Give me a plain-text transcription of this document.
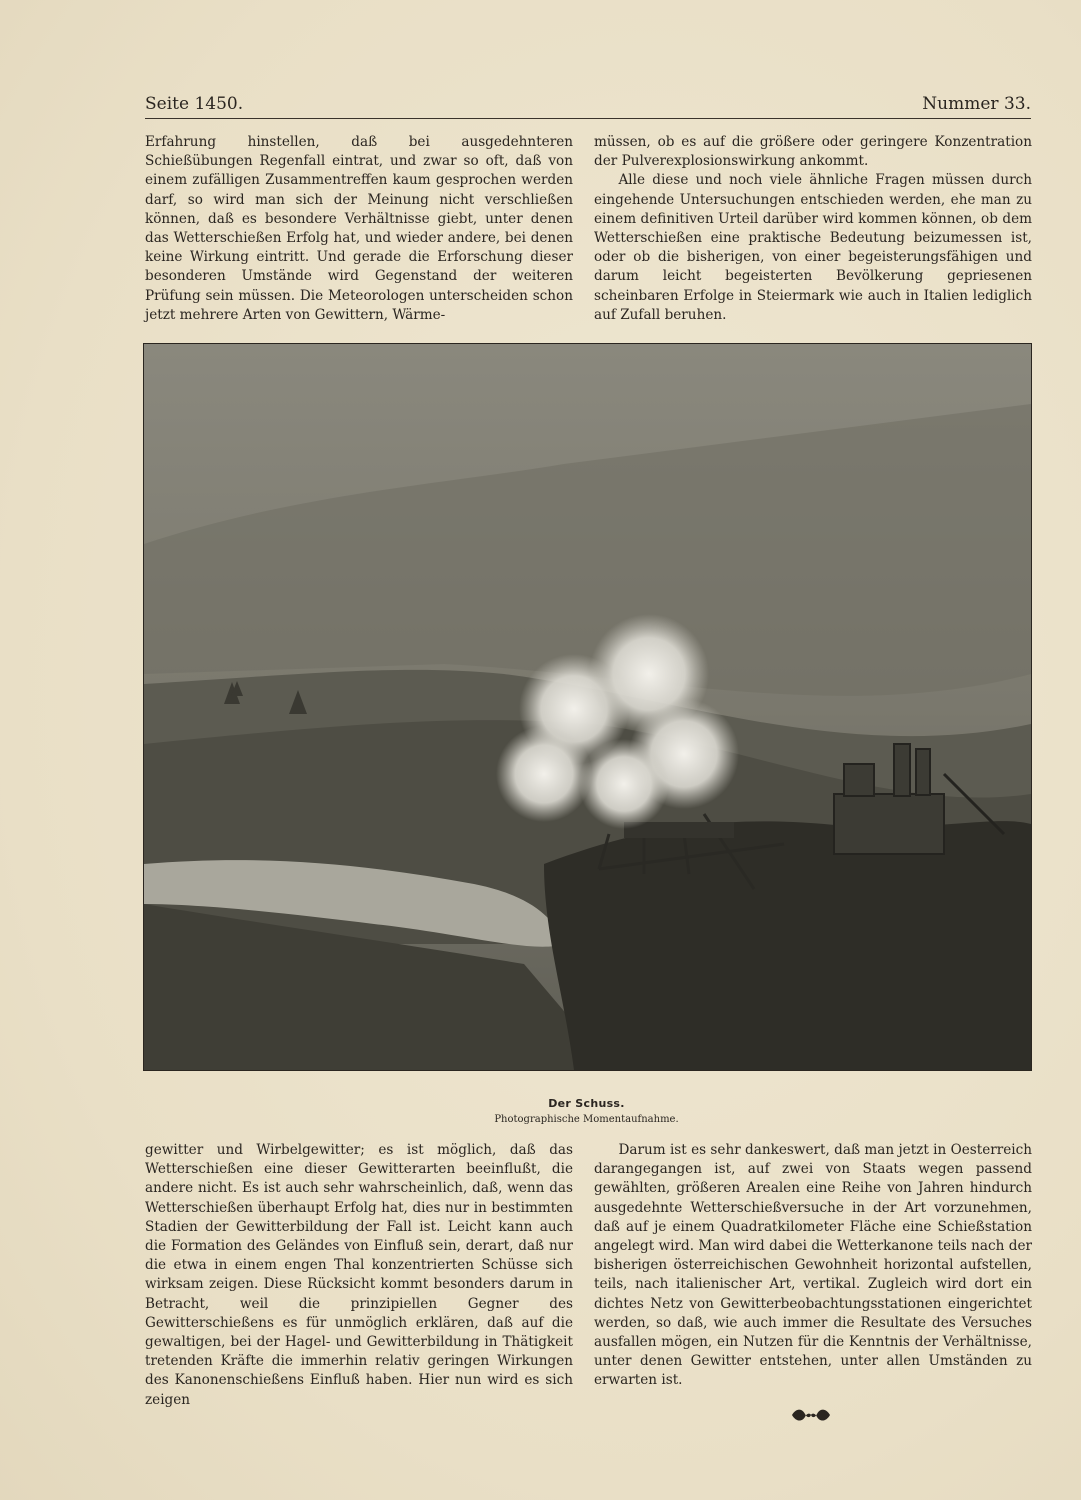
Seite 1450.	Nummer 33.

Erfahrung hinstellen, daß bei ausgedehnteren Schießübungen Regenfall eintrat, und zwar so oft, daß von einem zufälligen Zusammentreffen kaum gesprochen werden darf, so wird man sich der Meinung nicht verschließen können, daß es besondere Verhältnisse giebt, unter denen das Wetterschießen Erfolg hat, und wieder andere, bei denen keine Wirkung eintritt. Und gerade die Erforschung dieser besonderen Umstände wird Gegenstand der weiteren Prüfung sein müssen. Die Meteorologen unterscheiden schon jetzt mehrere Arten von Gewittern, Wärme-

müssen, ob es auf die größere oder geringere Konzentration der Pulverexplosionswirkung ankommt.

Alle diese und noch viele ähnliche Fragen müssen durch eingehende Untersuchungen entschieden werden, ehe man zu einem definitiven Urteil darüber wird kommen können, ob dem Wetterschießen eine praktische Bedeutung beizumessen ist, oder ob die bisherigen, von einer begeisterungsfähigen und darum leicht begeisterten Bevölkerung gepriesenen scheinbaren Erfolge in Steiermark wie auch in Italien lediglich auf Zufall beruhen.

Der Schuss.
Photographische Momentaufnahme.

gewitter und Wirbelgewitter; es ist möglich, daß das Wetterschießen eine dieser Gewitterarten beeinflußt, die andere nicht. Es ist auch sehr wahrscheinlich, daß, wenn das Wetterschießen überhaupt Erfolg hat, dies nur in bestimmten Stadien der Gewitterbildung der Fall ist. Leicht kann auch die Formation des Geländes von Einfluß sein, derart, daß nur die etwa in einem engen Thal konzentrierten Schüsse sich wirksam zeigen. Diese Rücksicht kommt besonders darum in Betracht, weil die prinzipiellen Gegner des Gewitterschießens es für unmöglich erklären, daß auf die gewaltigen, bei der Hagel- und Gewitterbildung in Thätigkeit tretenden Kräfte die immerhin relativ geringen Wirkungen des Kanonenschießens Einfluß haben. Hier nun wird es sich zeigen

Darum ist es sehr dankeswert, daß man jetzt in Oesterreich darangegangen ist, auf zwei von Staats wegen passend gewählten, größeren Arealen eine Reihe von Jahren hindurch ausgedehnte Wetterschießversuche in der Art vorzunehmen, daß auf je einem Quadratkilometer Fläche eine Schießstation angelegt wird. Man wird dabei die Wetterkanone teils nach der bisherigen österreichischen Gewohnheit horizontal aufstellen, teils, nach italienischer Art, vertikal. Zugleich wird dort ein dichtes Netz von Gewitterbeobachtungsstationen eingerichtet werden, so daß, wie auch immer die Resultate des Versuches ausfallen mögen, ein Nutzen für die Kenntnis der Verhältnisse, unter denen Gewitter entstehen, unter allen Umständen zu erwarten ist.
